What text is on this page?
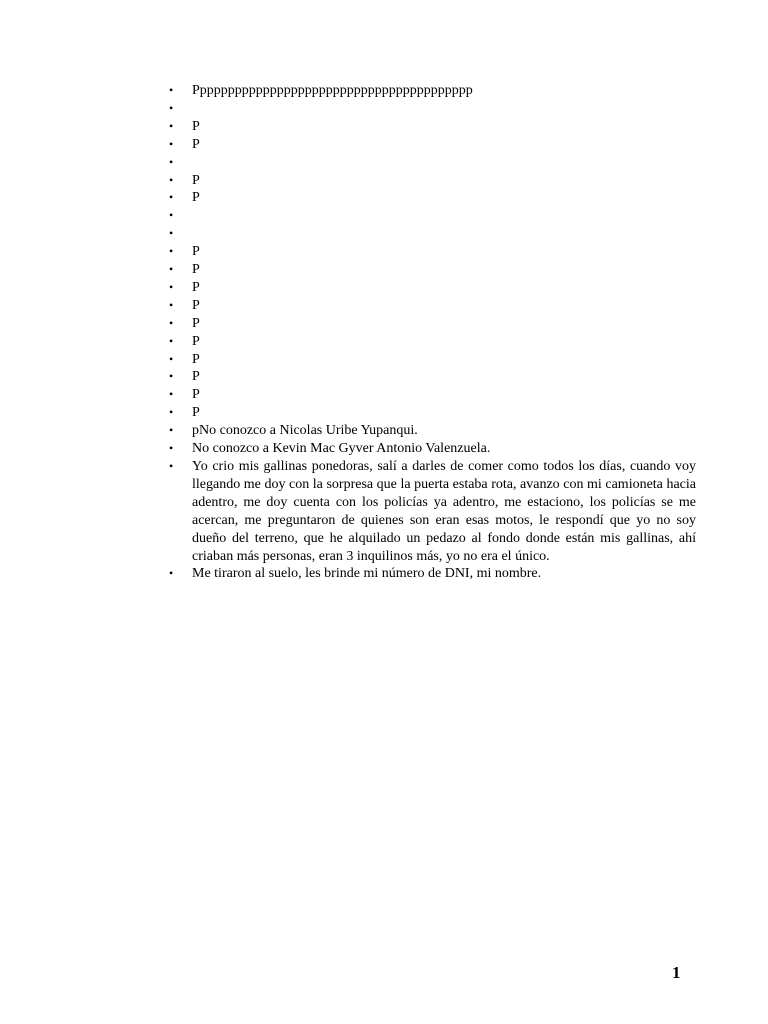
• Pppppppppppppppppppppppppppppppppppppppp
•
• P
• P
•
• P
• P
•
•
• P
• P
• P
• P
• P
• P
• P
• P
• P
• P
• pNo conozco a Nicolas Uribe Yupanqui.
• No conozco a Kevin Mac Gyver Antonio Valenzuela.
• Yo crio mis gallinas ponedoras, salí a darles de comer como todos los días, cuando voy llegando me doy con la sorpresa que la puerta estaba rota, avanzo con mi camioneta hacia adentro, me doy cuenta con los policías ya adentro, me estaciono, los policías se me acercan, me preguntaron de quienes son eran esas motos, le respondí que yo no soy dueño del terreno, que he alquilado un pedazo al fondo donde están mis gallinas, ahí criaban más personas, eran 3 inquilinos más, yo no era el único.
• Me tiraron al suelo, les brinde mi número de DNI, mi nombre.
1
